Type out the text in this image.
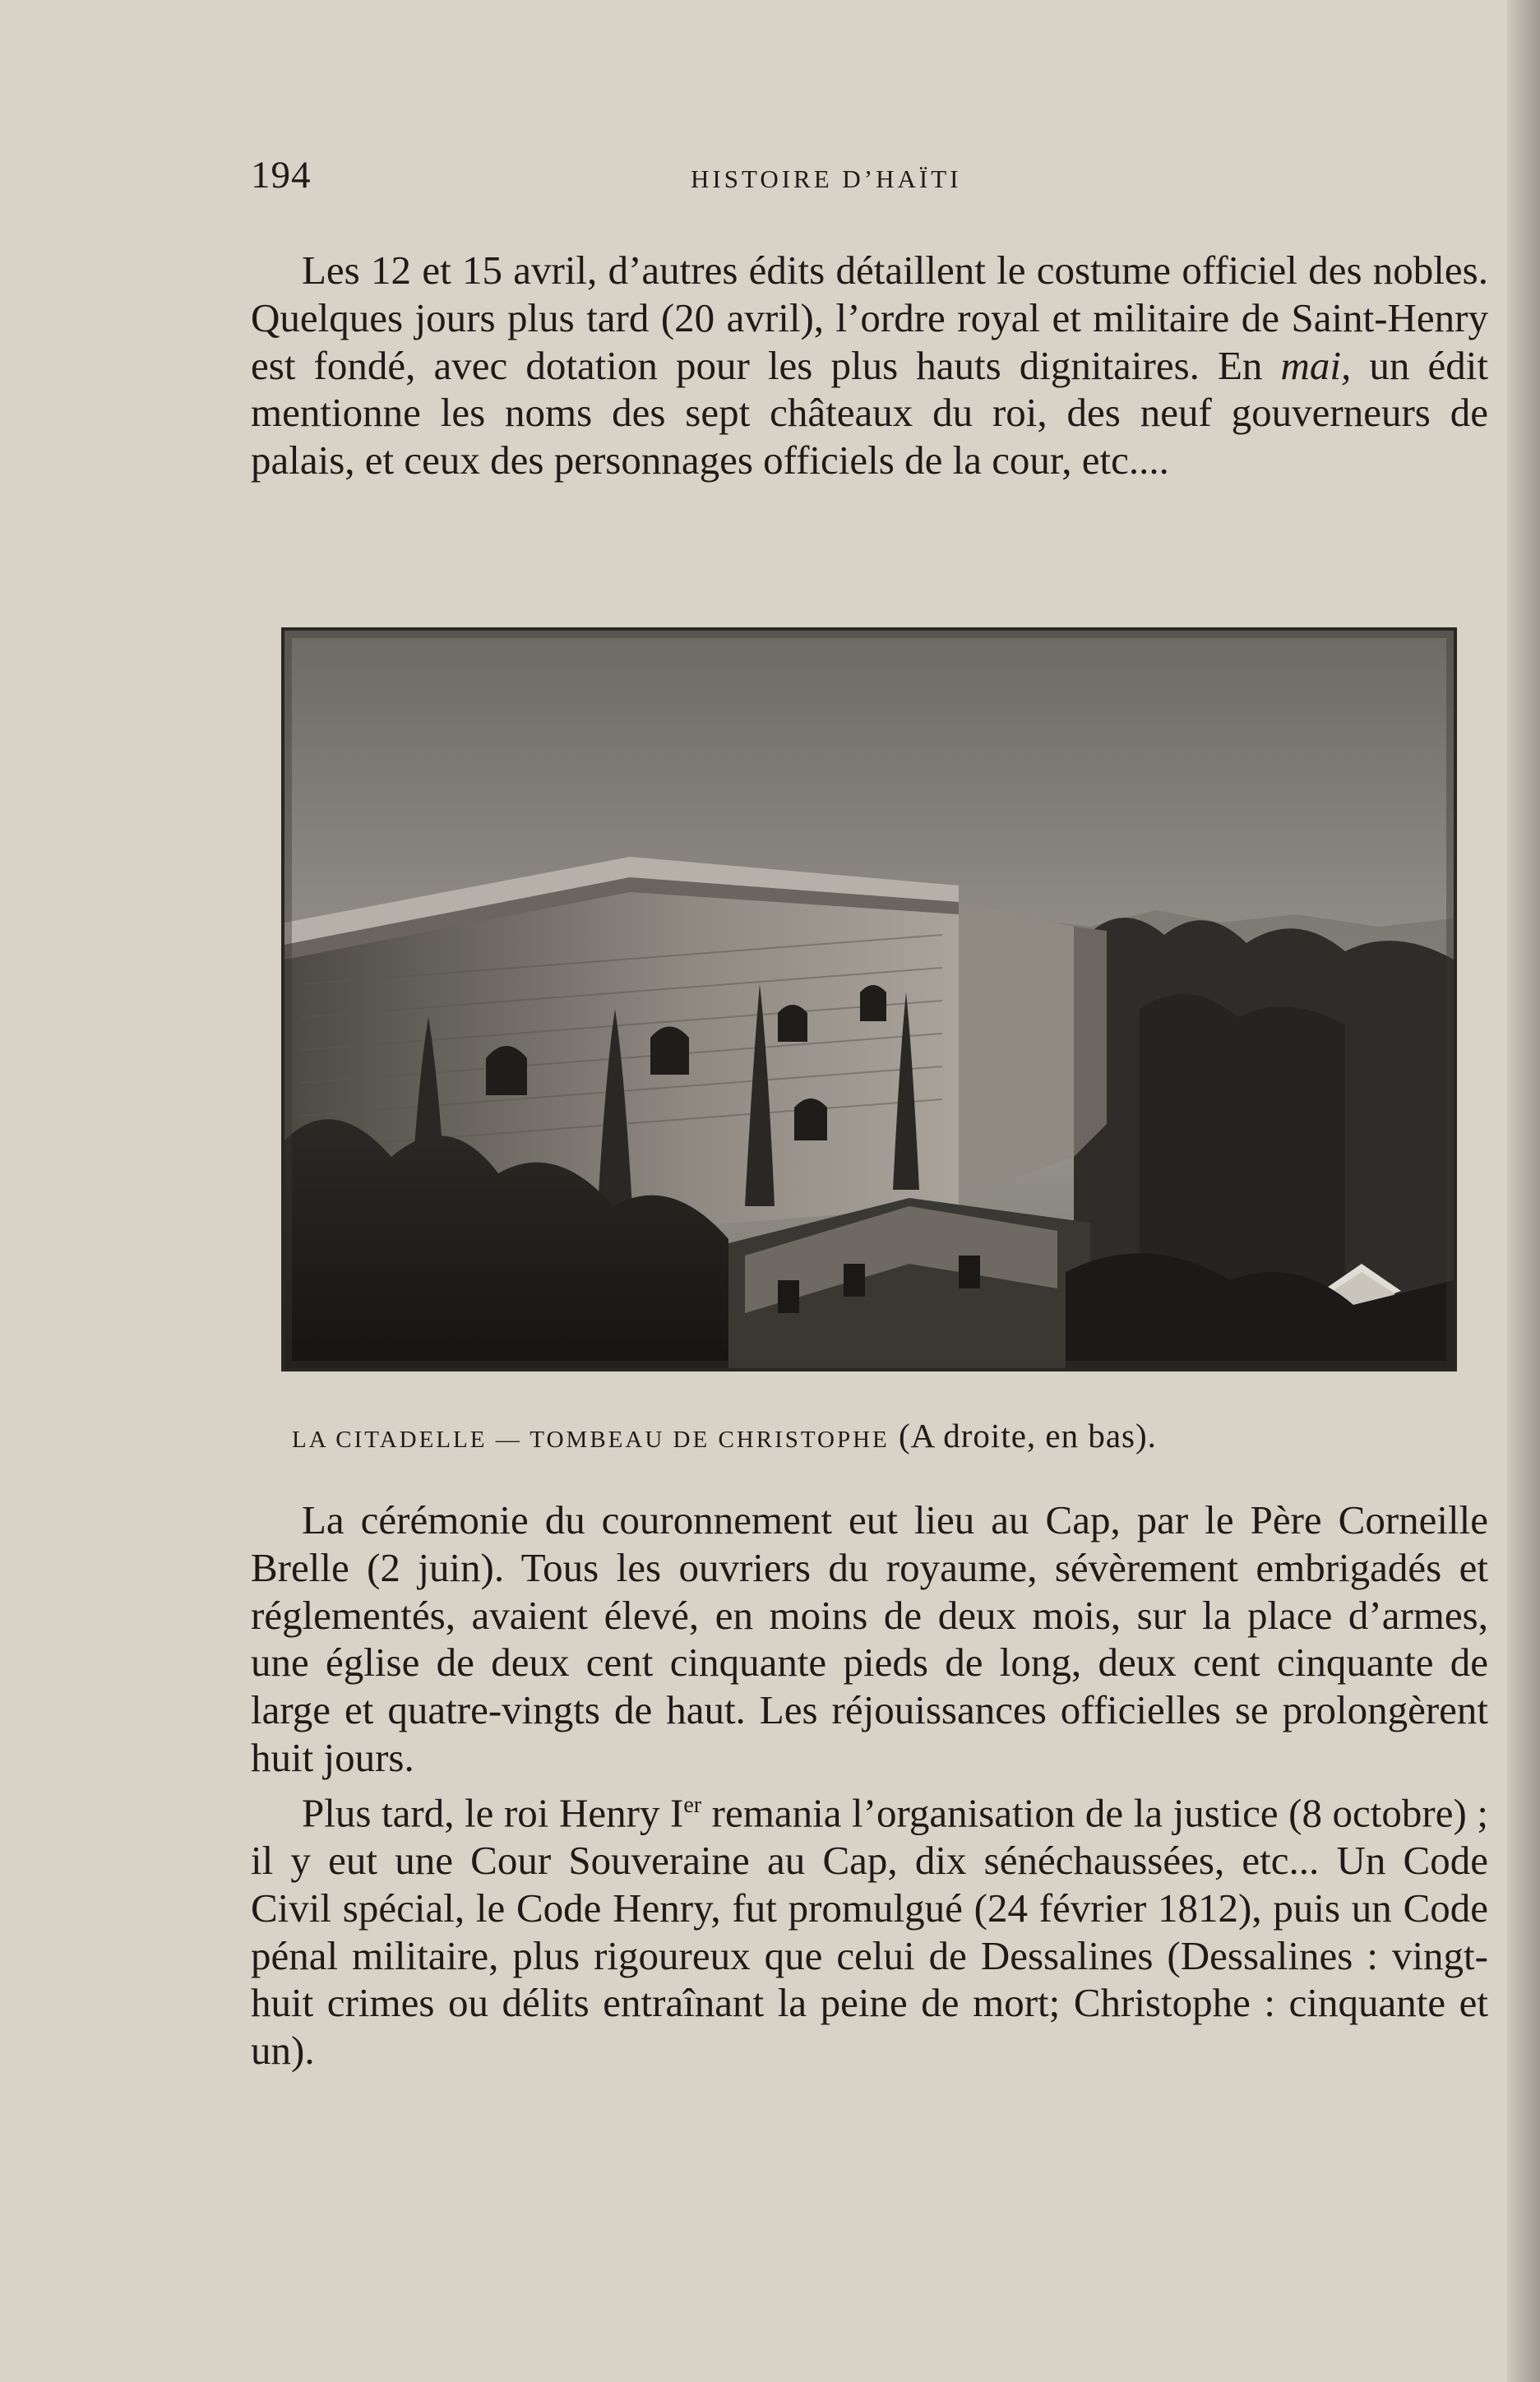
194	HISTOIRE D’HAÏTI

Les 12 et 15 avril, d’autres édits détaillent le costume officiel des nobles. Quelques jours plus tard (20 avril), l’ordre royal et militaire de Saint-Henry est fondé, avec dotation pour les plus hauts dignitaires. En mai, un édit mentionne les noms des sept châteaux du roi, des neuf gouverneurs de palais, et ceux des personnages officiels de la cour, etc....

LA CITADELLE — TOMBEAU DE CHRISTOPHE (A droite, en bas).

La cérémonie du couronnement eut lieu au Cap, par le Père Corneille Brelle (2 juin). Tous les ouvriers du royaume, sévèrement embrigadés et réglementés, avaient élevé, en moins de deux mois, sur la place d’armes, une église de deux cent cinquante pieds de long, deux cent cinquante de large et quatre-vingts de haut. Les réjouissances officielles se prolongèrent huit jours.

Plus tard, le roi Henry Ier remania l’organisation de la justice (8 octobre) ; il y eut une Cour Souveraine au Cap, dix sénéchaussées, etc... Un Code Civil spécial, le Code Henry, fut promulgué (24 février 1812), puis un Code pénal militaire, plus rigoureux que celui de Dessalines (Dessalines : vingt-huit crimes ou délits entraînant la peine de mort; Christophe : cinquante et un).
